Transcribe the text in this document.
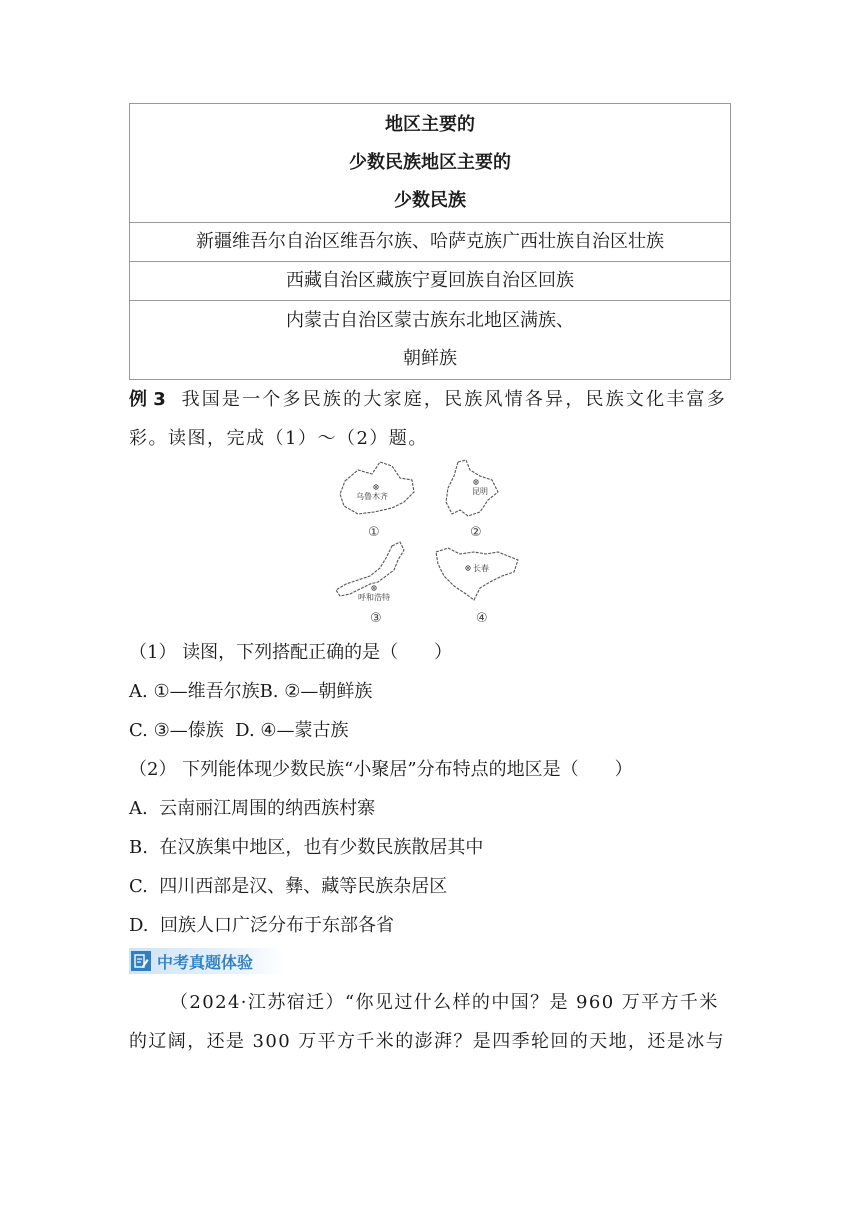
地区主要的
少数民族地区主要的
少数民族

新疆维吾尔自治区维吾尔族、哈萨克族广西壮族自治区壮族
西藏自治区藏族宁夏回族自治区回族

内蒙古自治区蒙古族东北地区满族、
朝鲜族
例 3 我国是一个多民族的大家庭，民族风情各异，民族文化丰富多
彩。读图，完成（1）～（2）题。
乌鲁木齐
①
昆明
②
呼和浩特
③
长春
④
（1） 读图，下列搭配正确的是（　　）
A. ①—维吾尔族B. ②—朝鲜族
C. ③—傣族  D. ④—蒙古族
（2） 下列能体现少数民族“小聚居”分布特点的地区是（　　）
A.  云南丽江周围的纳西族村寨
B.  在汉族集中地区，也有少数民族散居其中
C.  四川西部是汉、彝、藏等民族杂居区
D.  回族人口广泛分布于东部各省
中考真题体验
（2024·江苏宿迁）“你见过什么样的中国？是 960 万平方千米
的辽阔，还是 300 万平方千米的澎湃？是四季轮回的天地，还是冰与
